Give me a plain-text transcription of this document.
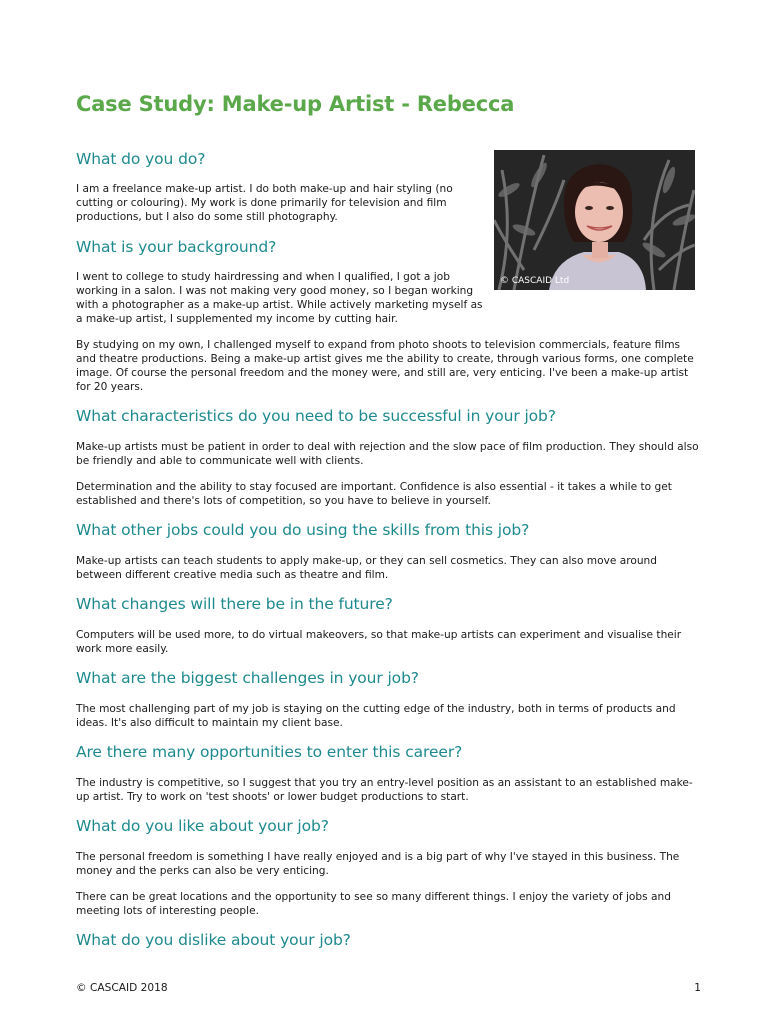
Case Study: Make-up Artist - Rebecca
© CASCAID Ltd
What do you do?

I am a freelance make-up artist. I do both make-up and hair styling (no cutting or colouring). My work is done primarily for television and film productions, but I also do some still photography.

What is your background?

I went to college to study hairdressing and when I qualified, I got a job working in a salon. I was not making very good money, so I began working with a photographer as a make-up artist. While actively marketing myself as a make-up artist, I supplemented my income by cutting hair.

By studying on my own, I challenged myself to expand from photo shoots to television commercials, feature films and theatre productions. Being a make-up artist gives me the ability to create, through various forms, one complete image. Of course the personal freedom and the money were, and still are, very enticing. I've been a make-up artist for 20 years.

What characteristics do you need to be successful in your job?

Make-up artists must be patient in order to deal with rejection and the slow pace of film production. They should also be friendly and able to communicate well with clients.

Determination and the ability to stay focused are important. Confidence is also essential - it takes a while to get established and there's lots of competition, so you have to believe in yourself.

What other jobs could you do using the skills from this job?

Make-up artists can teach students to apply make-up, or they can sell cosmetics. They can also move around between different creative media such as theatre and film.

What changes will there be in the future?

Computers will be used more, to do virtual makeovers, so that make-up artists can experiment and visualise their work more easily.

What are the biggest challenges in your job?

The most challenging part of my job is staying on the cutting edge of the industry, both in terms of products and ideas. It's also difficult to maintain my client base.

Are there many opportunities to enter this career?

The industry is competitive, so I suggest that you try an entry-level position as an assistant to an established make-up artist. Try to work on 'test shoots' or lower budget productions to start.

What do you like about your job?

The personal freedom is something I have really enjoyed and is a big part of why I've stayed in this business. The money and the perks can also be very enticing.

There can be great locations and the opportunity to see so many different things. I enjoy the variety of jobs and meeting lots of interesting people.

What do you dislike about your job?
© CASCAID 2018	1
